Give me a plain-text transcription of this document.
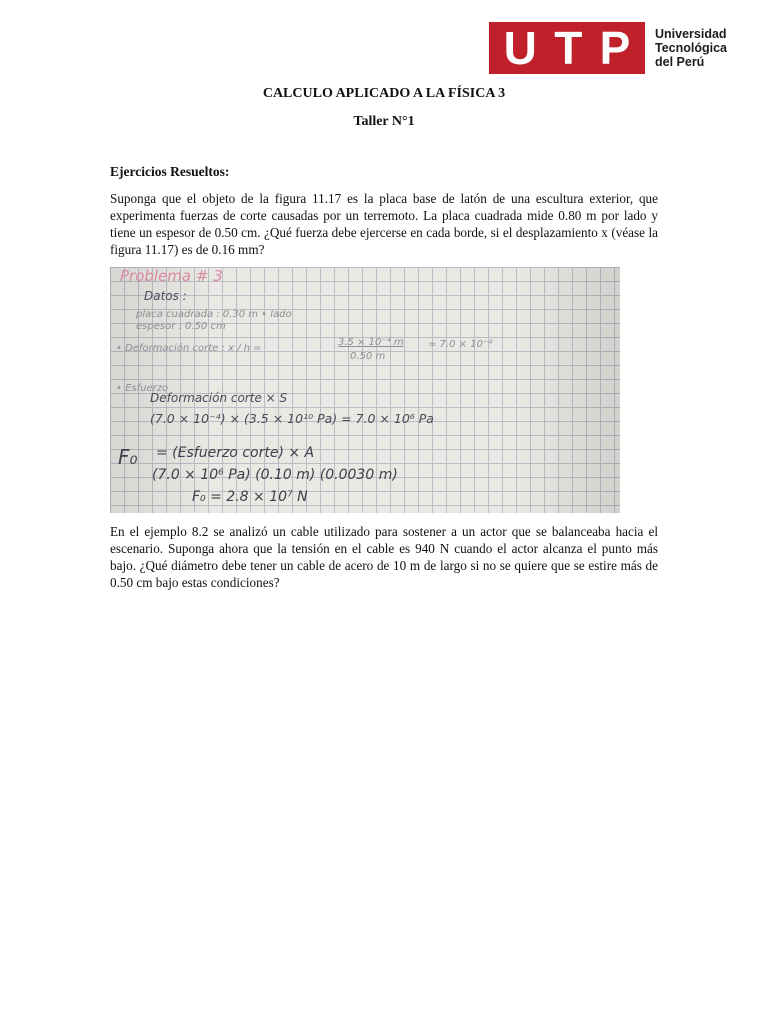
U T P Universidad
Tecnológica
del Perú
CALCULO APLICADO A LA FÍSICA 3
Taller N°1
Ejercicios Resueltos:

Suponga que el objeto de la figura 11.17 es la placa base de latón de una escultura exterior, que experimenta fuerzas de corte causadas por un terremoto. La placa cuadrada mide 0.80 m por lado y tiene un espesor de 0.50 cm. ¿Qué fuerza debe ejercerse en cada borde, si el desplazamiento x (véase la figura 11.17) es de 0.16 mm?

Problema # 3
Datos :
placa cuadrada : 0.30 m • lado
espesor : 0.50 cm
• Deformación corte : x / h =
3.5 × 10⁻⁴ m
0.50 m
= 7.0 × 10⁻⁴
• Esfuerzo
Deformación corte × S
(7.0 × 10⁻⁴) × (3.5 × 10¹⁰ Pa) = 7.0 × 10⁶ Pa
F₀ = (Esfuerzo corte) × A
(7.0 × 10⁶ Pa) (0.10 m) (0.0030 m)
F₀ = 2.8 × 10⁷ N

En el ejemplo 8.2 se analizó un cable utilizado para sostener a un actor que se balanceaba hacia el escenario. Suponga ahora que la tensión en el cable es 940 N cuando el actor alcanza el punto más bajo. ¿Qué diámetro debe tener un cable de acero de 10 m de largo si no se quiere que se estire más de 0.50 cm bajo estas condiciones?
